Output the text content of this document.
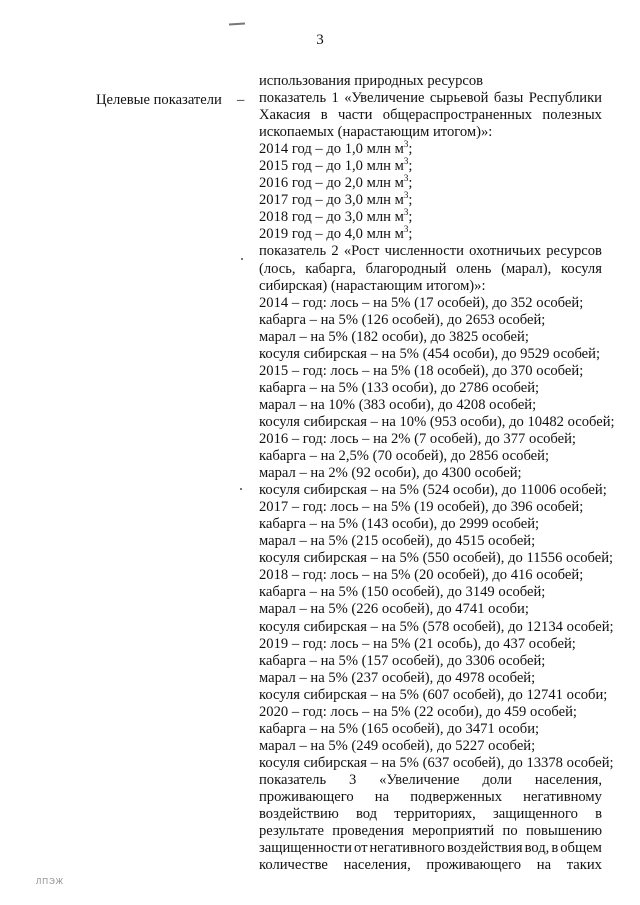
3
Целевые показатели –
использования природных ресурсов
показатель 1 «Увеличение сырьевой базы Республики
Хакасия в части общераспространенных полезных
ископаемых (нарастающим итогом)»:
2014 год – до 1,0 млн $м^3$;
2015 год – до 1,0 млн $м^3$;
2016 год – до 2,0 млн $м^3$;
2017 год – до 3,0 млн $м^3$;
2018 год – до 3,0 млн $м^3$;
2019 год – до 4,0 млн $м^3$;
показатель 2 «Рост численности охотничьих ресурсов
(лось, кабарга, благородный олень (марал), косуля
сибирская) (нарастающим итогом)»:
2014 – год: лось – на 5% (17 особей), до 352 особей;
кабарга – на 5% (126 особей), до 2653 особей;
марал – на 5% (182 особи), до 3825 особей;
косуля сибирская – на 5% (454 особи), до 9529 особей;
2015 – год: лось – на 5% (18 особей), до 370 особей;
кабарга – на 5% (133 особи), до 2786 особей;
марал – на 10% (383 особи), до 4208 особей;
косуля сибирская – на 10% (953 особи), до 10482 особей;
2016 – год: лось – на 2% (7 особей), до 377 особей;
кабарга – на 2,5% (70 особей), до 2856 особей;
марал – на 2% (92 особи), до 4300 особей;
косуля сибирская – на 5% (524 особи), до 11006 особей;
2017 – год: лось – на 5% (19 особей), до 396 особей;
кабарга – на 5% (143 особи), до 2999 особей;
марал – на 5% (215 особей), до 4515 особей;
косуля сибирская – на 5% (550 особей), до 11556 особей;
2018 – год: лось – на 5% (20 особей), до 416 особей;
кабарга – на 5% (150 особей), до 3149 особей;
марал – на 5% (226 особей), до 4741 особи;
косуля сибирская – на 5% (578 особей), до 12134 особей;
2019 – год: лось – на 5% (21 особь), до 437 особей;
кабарга – на 5% (157 особей), до 3306 особей;
марал – на 5% (237 особей), до 4978 особей;
косуля сибирская – на 5% (607 особей), до 12741 особи;
2020 – год: лось – на 5% (22 особи), до 459 особей;
кабарга – на 5% (165 особей), до 3471 особи;
марал – на 5% (249 особей), до 5227 особей;
косуля сибирская – на 5% (637 особей), до 13378 особей;
показатель 3 «Увеличение доли населения,
проживающего на подверженных негативному
воздействию вод территориях, защищенного в
результате проведения мероприятий по повышению
защищенности от негативного воздействия вод, в общем
количестве населения, проживающего на таких
ЛПЭЖ
